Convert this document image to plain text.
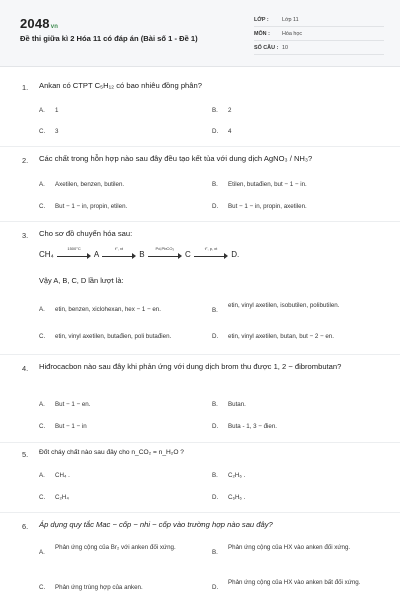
2048vn
Đề thi giữa kì 2 Hóa 11 có đáp án (Bài số 1 - Đề 1)
LỚP : Lớp 11
MÔN : Hóa học
SỐ CÂU : 10
1. Ankan có CTPT C₅H₁₂ có bao nhiêu đồng phân?
A. 1	B. 2
C. 3	D. 4
2. Các chất trong hỗn hợp nào sau đây đều tạo kết tủa với dung dịch AgNO₃ / NH₃?
A. Axetilen, benzen, butilen.	B. Etilen, butađien, but − 1 − in.
C. But − 1 − in, propin, etilen.	D. But − 1 − in, propin, axetilen.
3. Cho sơ đồ chuyển hóa sau:
CH₄
1500°C
A
t°, xt
B
Pd,PbCO₃
C
t°, p, xt
D.
Vậy A, B, C, D lần lượt là:
A. etin, benzen, xiclohexan, hex − 1 − en.	B.
etin, vinyl axetilen, isobutilen, polibutilen.
C. etin, vinyl axetilen, butađien, poli butađien.	D. etin, vinyl axetilen, butan, but − 2 − en.
4. Hiđrocacbon nào sau đây khi phản ứng với dung dịch brom thu được 1, 2 − đibrombutan?
A. But − 1 − en.	B. Butan.
C. But − 1 − in	D. Buta - 1, 3 − đien.
5. Đốt cháy chất nào sau đây cho n_CO₂ = n_H₂O ?
A. CH₄ .	B. C₂H₆ .
C. C₂H₄	D. C₆H₆ .
6. Áp dụng quy tắc Mac − cốp − nhi − cốp vào trường hợp nào sau đây?
A.
Phản ứng cộng của Br₂ với anken đối xứng.
B.
Phản ứng cộng của HX vào anken đối xứng.
C. Phản ứng trùng hợp của anken.	D.
Phản ứng cộng của HX vào anken bất đối xứng.
